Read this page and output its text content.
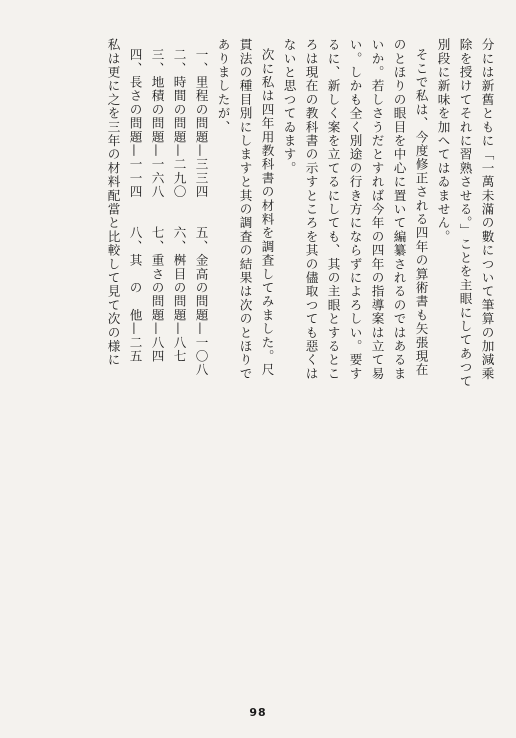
分には新舊ともに「一萬未滿の數について筆算の加減乘
除を授けてそれに習熟させる。」ことを主眼にしてあつて
別段に新味を加へてはゐません。
そこで私は、今度修正される四年の算術書も矢張現在
のとほりの眼目を中心に置いて編纂されるのではあるま
いか。若しさうだとすれば今年の四年の指導案は立て易
い。しかも全く別途の行き方にならずによろしい。要す
るに、新しく案を立てるにしても、其の主眼とするとこ
ろは現在の教科書の示すところを其の儘取つても惡くは
ないと思つてゐます。
次に私は四年用教科書の材料を調査してみました。尺
貫法の種目別にしますと其の調査の結果は次のとほりで
ありましたが、
一、里程の問題—三三四　　五、金高の問題—一〇八
二、時間の問題—二九〇　　六、桝目の問題—八七
三、地積の問題—一六八　　七、重さの問題—八四
四、長さの問題—一一四　　八、其　の　他—二五
私は更に之を三年の材料配當と比較して見て次の様に
98
